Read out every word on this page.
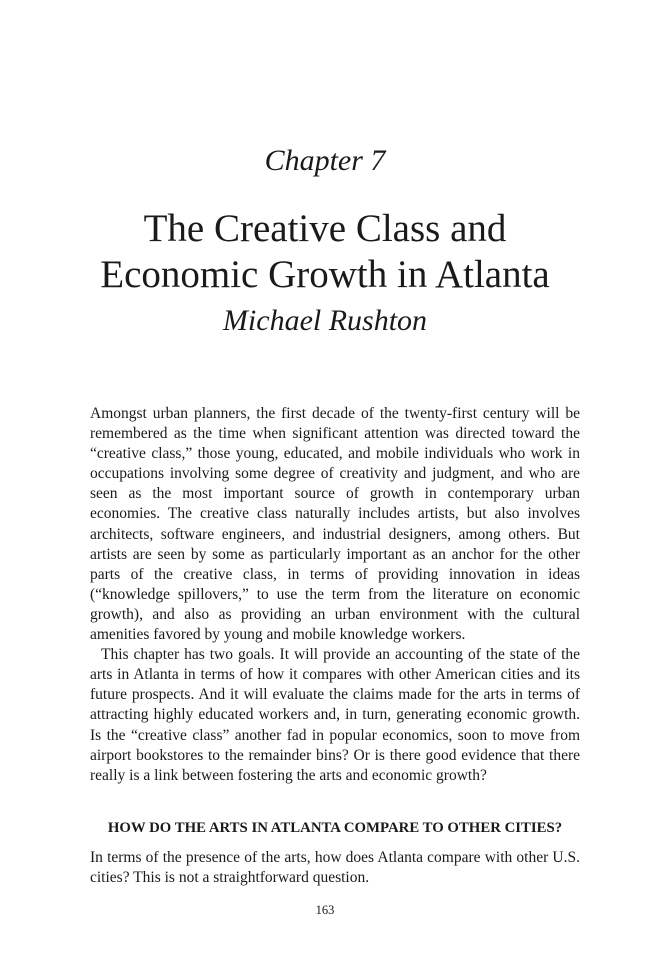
Chapter 7
The Creative Class and
Economic Growth in Atlanta
Michael Rushton

Amongst urban planners, the first decade of the twenty-first century will be remembered as the time when significant attention was directed toward the “creative class,” those young, educated, and mobile individuals who work in occupations involving some degree of creativity and judgment, and who are seen as the most important source of growth in contemporary urban economies. The creative class naturally includes artists, but also involves architects, software engineers, and industrial designers, among others. But artists are seen by some as particularly important as an anchor for the other parts of the creative class, in terms of providing innovation in ideas (“knowledge spillovers,” to use the term from the literature on economic growth), and also as providing an urban environment with the cultural amenities favored by young and mobile knowledge workers.

This chapter has two goals. It will provide an accounting of the state of the arts in Atlanta in terms of how it compares with other American cities and its future prospects. And it will evaluate the claims made for the arts in terms of attracting highly educated workers and, in turn, generating economic growth. Is the “creative class” another fad in popular economics, soon to move from airport bookstores to the remainder bins? Or is there good evidence that there really is a link between fostering the arts and economic growth?

HOW DO THE ARTS IN ATLANTA COMPARE TO OTHER CITIES?

In terms of the presence of the arts, how does Atlanta compare with other U.S. cities? This is not a straightforward question.

163
